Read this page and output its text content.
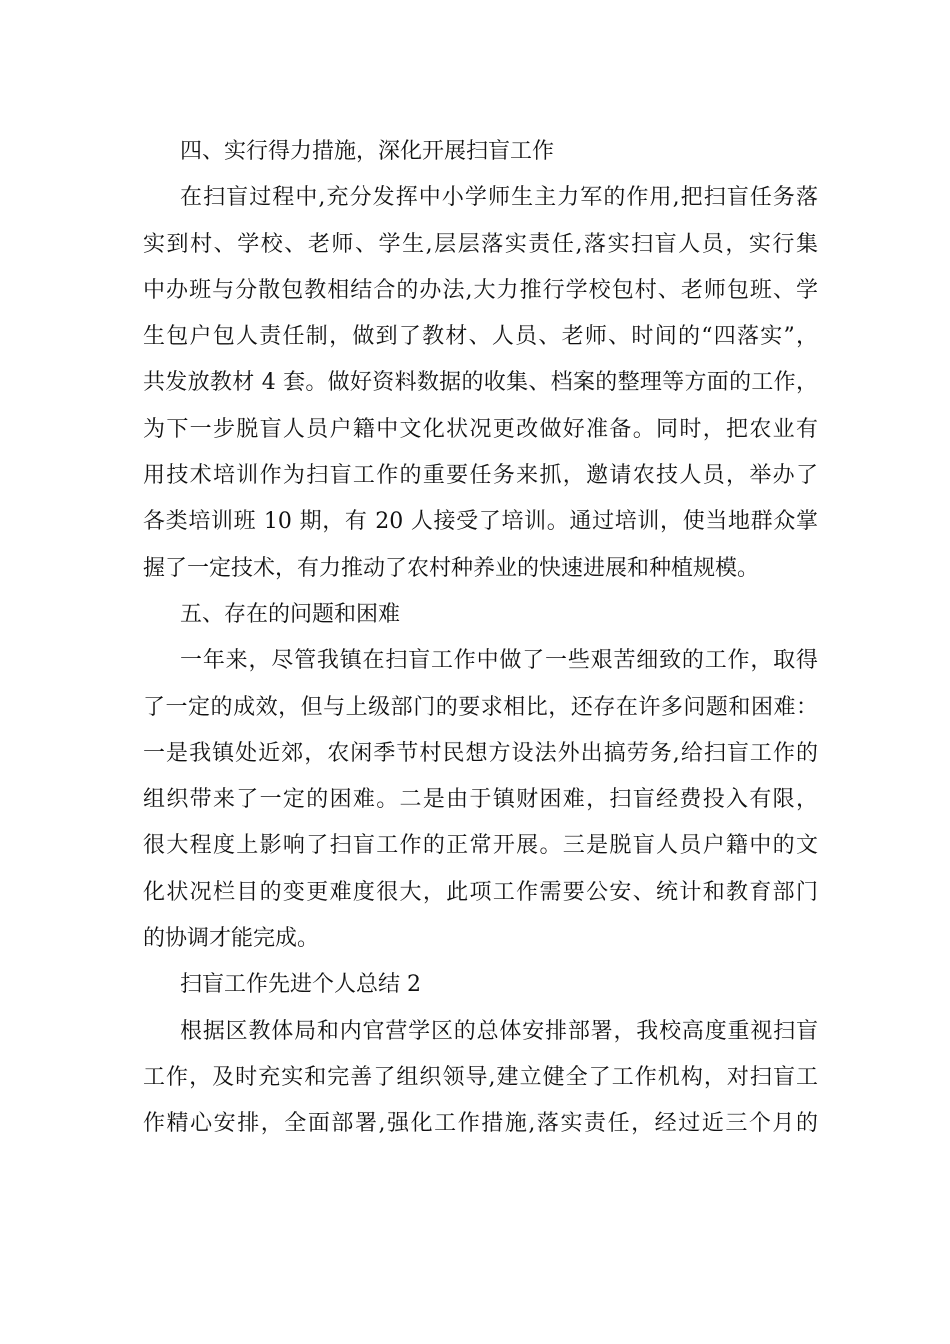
四、实行得力措施，深化开展扫盲工作

在扫盲过程中,充分发挥中小学师生主力军的作用,把扫盲任务落
实到村、学校、老师、学生,层层落实责任,落实扫盲人员，实行集
中办班与分散包教相结合的办法,大力推行学校包村、老师包班、学
生包户包人责任制，做到了教材、人员、老师、时间的“四落实”，
共发放教材 4 套。做好资料数据的收集、档案的整理等方面的工作，
为下一步脱盲人员户籍中文化状况更改做好准备。同时，把农业有
用技术培训作为扫盲工作的重要任务来抓，邀请农技人员，举办了
各类培训班 10 期，有 20 人接受了培训。通过培训，使当地群众掌
握了一定技术，有力推动了农村种养业的快速进展和种植规模。

五、存在的问题和困难

一年来，尽管我镇在扫盲工作中做了一些艰苦细致的工作，取得
了一定的成效，但与上级部门的要求相比，还存在许多问题和困难：
一是我镇处近郊，农闲季节村民想方设法外出搞劳务,给扫盲工作的
组织带来了一定的困难。二是由于镇财困难，扫盲经费投入有限，
很大程度上影响了扫盲工作的正常开展。三是脱盲人员户籍中的文
化状况栏目的变更难度很大，此项工作需要公安、统计和教育部门
的协调才能完成。

扫盲工作先进个人总结 2

根据区教体局和内官营学区的总体安排部署，我校高度重视扫盲
工作，及时充实和完善了组织领导,建立健全了工作机构，对扫盲工
作精心安排，全面部署,强化工作措施,落实责任，经过近三个月的
